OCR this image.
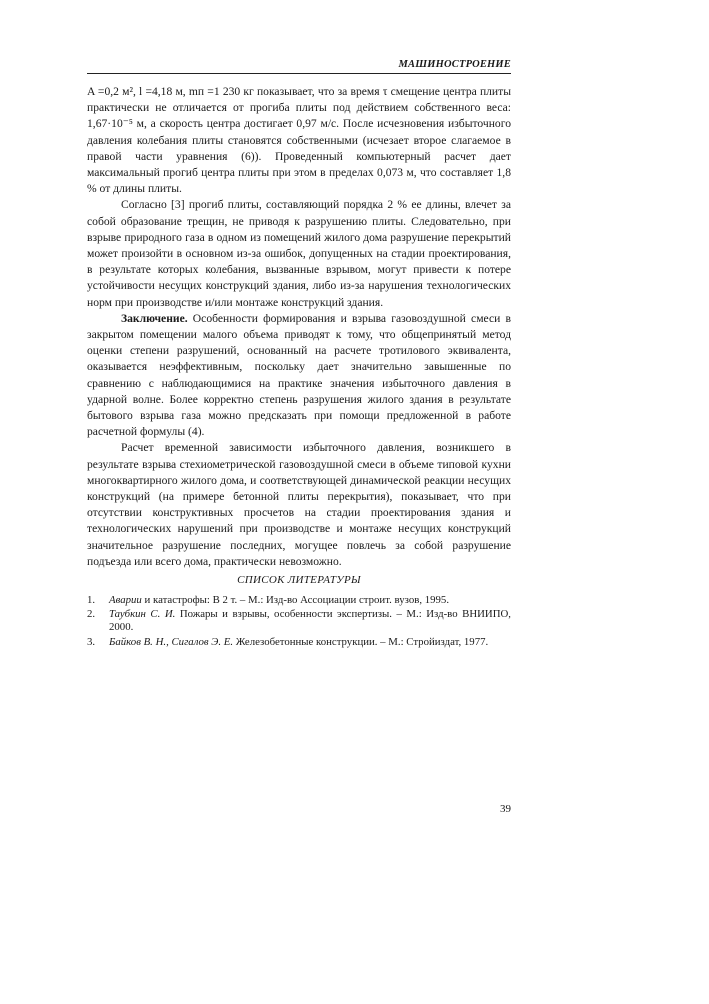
МАШИНОСТРОЕНИЕ

A =0,2 м², l =4,18 м, mп =1 230 кг показывает, что за время τ смещение центра плиты практически не отличается от прогиба плиты под действием собственного веса: 1,67·10⁻⁵ м, а скорость центра достигает 0,97 м/с. После исчезновения избыточного давления колебания плиты становятся собственными (исчезает второе слагаемое в правой части уравнения (6)). Проведенный компьютерный расчет дает максимальный прогиб центра плиты при этом в пределах 0,073 м, что составляет 1,8 % от длины плиты.

Согласно [3] прогиб плиты, составляющий порядка 2 % ее длины, влечет за собой образование трещин, не приводя к разрушению плиты. Следовательно, при взрыве природного газа в одном из помещений жилого дома разрушение перекрытий может произойти в основном из-за ошибок, допущенных на стадии проектирования, в результате которых колебания, вызванные взрывом, могут привести к потере устойчивости несущих конструкций здания, либо из-за нарушения технологических норм при производстве и/или монтаже конструкций здания.

Заключение. Особенности формирования и взрыва газовоздушной смеси в закрытом помещении малого объема приводят к тому, что общепринятый метод оценки степени разрушений, основанный на расчете тротилового эквивалента, оказывается неэффективным, поскольку дает значительно завышенные по сравнению с наблюдающимися на практике значения избыточного давления в ударной волне. Более корректно степень разрушения жилого здания в результате бытового взрыва газа можно предсказать при помощи предложенной в работе расчетной формулы (4).

Расчет временной зависимости избыточного давления, возникшего в результате взрыва стехиометрической газовоздушной смеси в объеме типовой кухни многоквартирного жилого дома, и соответствующей динамической реакции несущих конструкций (на примере бетонной плиты перекрытия), показывает, что при отсутствии конструктивных просчетов на стадии проектирования здания и технологических нарушений при производстве и монтаже несущих конструкций значительное разрушение последних, могущее повлечь за собой разрушение подъезда или всего дома, практически невозможно.

СПИСОК ЛИТЕРАТУРЫ
1.	Аварии и катастрофы: В 2 т. – М.: Изд-во Ассоциации строит. вузов, 1995.
2.	Таубкин С. И. Пожары и взрывы, особенности экспертизы. – М.: Изд-во ВНИИПО, 2000.
3.	Байков В. Н., Сигалов Э. Е. Железобетонные конструкции. – М.: Стройиздат, 1977.
39
